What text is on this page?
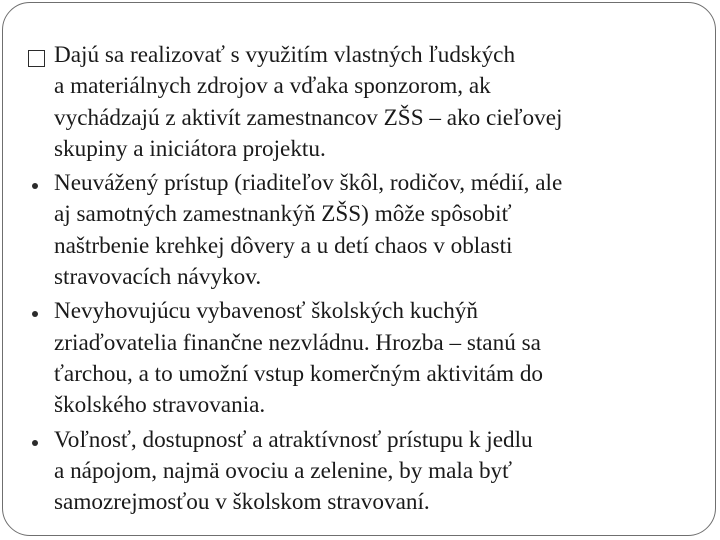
Dajú sa realizovať s využitím vlastných ľudských
a materiálnych zdrojov a vďaka sponzorom, ak
vychádzajú z aktivít zamestnancov ZŠS – ako cieľovej
skupiny a iniciátora projektu.
Neuvážený prístup (riaditeľov škôl, rodičov, médií, ale
aj samotných zamestnankýň ZŠS) môže spôsobiť
naštrbenie krehkej dôvery a u detí chaos v oblasti
stravovacích návykov.
Nevyhovujúcu vybavenosť školských kuchýň
zriaďovatelia finančne nezvládnu. Hrozba – stanú sa
ťarchou, a to umožní vstup komerčným aktivitám do
školského stravovania.
Voľnosť, dostupnosť a atraktívnosť prístupu k jedlu
a nápojom, najmä ovociu a zelenine, by mala byť
samozrejmosťou v školskom stravovaní.
